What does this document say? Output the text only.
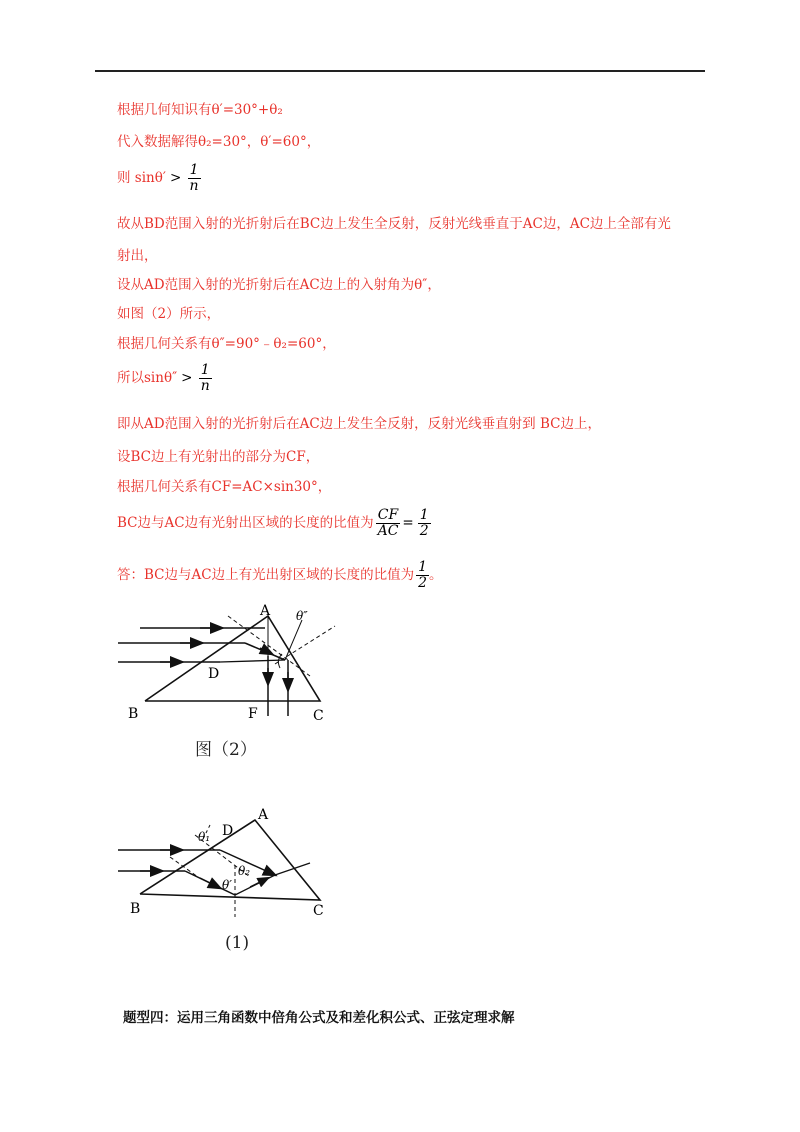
根据几何知识有θ′=30°+θ₂
代入数据解得θ₂=30°，θ′=60°，
则 $\sin\theta' > \frac{1}{n}$
故从BD范围入射的光折射后在BC边上发生全反射，反射光线垂直于AC边，AC边上全部有光
射出，
设从AD范围入射的光折射后在AC边上的入射角为θ″，
如图（2）所示，
根据几何关系有θ″=90°﹣θ₂=60°，
所以$\sin\theta'' > \frac{1}{n}$
即从AD范围入射的光折射后在AC边上发生全反射，反射光线垂直射到 BC边上，
设BC边上有光射出的部分为CF，
根据几何关系有CF=AC×sin30°，
BC边与AC边有光射出区域的长度的比值为 $\frac{CF}{AC} = \frac{1}{2}$
答：BC边与AC边上有光出射区域的长度的比值为 $\frac{1}{2}$ 。
A
B	C
D
F
θ″
图（2）
A
B	C
D
θ₁
θ₂
θ′
(1)
题型四：运用三角函数中倍角公式及和差化积公式、正弦定理求解
